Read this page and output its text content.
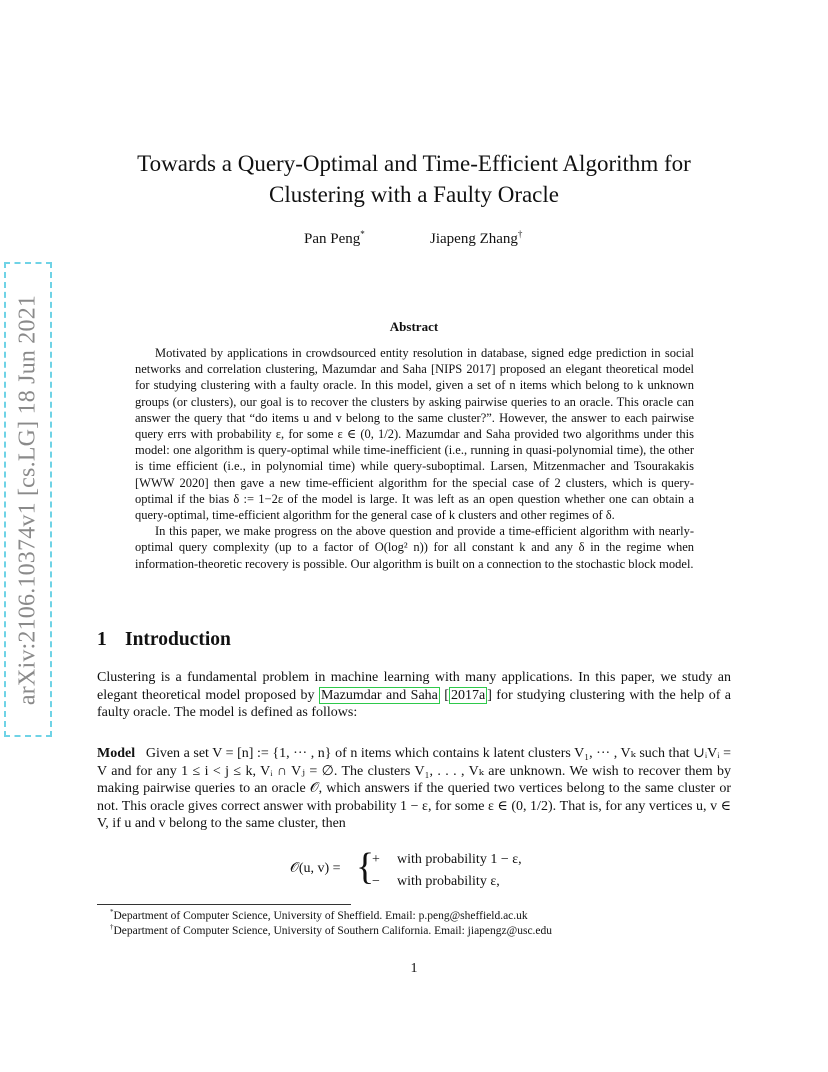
arXiv:2106.10374v1 [cs.LG] 18 Jun 2021
Towards a Query-Optimal and Time-Efficient Algorithm for
Clustering with a Faulty Oracle
Pan Peng*	Jiapeng Zhang†
Abstract

Motivated by applications in crowdsourced entity resolution in database, signed edge prediction in social networks and correlation clustering, Mazumdar and Saha [NIPS 2017] proposed an elegant theoretical model for studying clustering with a faulty oracle. In this model, given a set of n items which belong to k unknown groups (or clusters), our goal is to recover the clusters by asking pairwise queries to an oracle. This oracle can answer the query that “do items u and v belong to the same cluster?”. However, the answer to each pairwise query errs with probability ε, for some ε ∈ (0, 1/2). Mazumdar and Saha provided two algorithms under this model: one algorithm is query-optimal while time-inefficient (i.e., running in quasi-polynomial time), the other is time efficient (i.e., in polynomial time) while query-suboptimal. Larsen, Mitzenmacher and Tsourakakis [WWW 2020] then gave a new time-efficient algorithm for the special case of 2 clusters, which is query-optimal if the bias δ := 1−2ε of the model is large. It was left as an open question whether one can obtain a query-optimal, time-efficient algorithm for the general case of k clusters and other regimes of δ.

In this paper, we make progress on the above question and provide a time-efficient algorithm with nearly-optimal query complexity (up to a factor of O(log² n)) for all constant k and any δ in the regime when information-theoretic recovery is possible. Our algorithm is built on a connection to the stochastic block model.

1 Introduction

Clustering is a fundamental problem in machine learning with many applications. In this paper, we study an elegant theoretical model proposed by Mazumdar and Saha [ 2017a ] for studying clustering with the help of a faulty oracle. The model is defined as follows:

Model Given a set V = [n] := {1, ··· , n} of n items which contains k latent clusters V₁, ··· , Vₖ such that ∪ᵢVᵢ = V and for any 1 ≤ i < j ≤ k, Vᵢ ∩ Vⱼ = ∅. The clusters V₁, . . . , Vₖ are unknown. We wish to recover them by making pairwise queries to an oracle 𝒪, which answers if the queried two vertices belong to the same cluster or not. This oracle gives correct answer with probability 1 − ε, for some ε ∈ (0, 1/2). That is, for any vertices u, v ∈ V, if u and v belong to the same cluster, then

𝒪(u, v) = {
+ with probability 1 − ε,
− with probability ε,
*Department of Computer Science, University of Sheffield. Email: p.peng@sheffield.ac.uk
†Department of Computer Science, University of Southern California. Email: jiapengz@usc.edu
1
